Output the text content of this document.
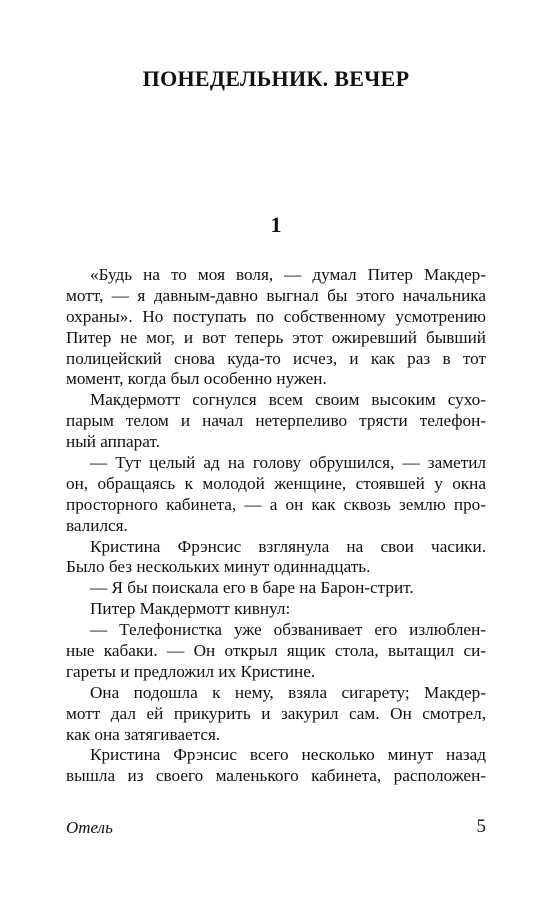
ПОНЕДЕЛЬНИК. ВЕЧЕР
1
«Будь на то моя воля, — думал Питер Макдер-
мотт, — я давным-давно выгнал бы этого начальника
охраны». Но поступать по собственному усмотрению
Питер не мог, и вот теперь этот ожиревший бывший
полицейский снова куда-то исчез, и как раз в тот
момент, когда был особенно нужен.
Макдермотт согнулся всем своим высоким сухо-
парым телом и начал нетерпеливо трясти телефон-
ный аппарат.
— Тут целый ад на голову обрушился, — заметил
он, обращаясь к молодой женщине, стоявшей у окна
просторного кабинета, — а он как сквозь землю про-
валился.
Кристина Фрэнсис взглянула на свои часики.
Было без нескольких минут одиннадцать.
— Я бы поискала его в баре на Барон-стрит.
Питер Макдермотт кивнул:
— Телефонистка уже обзванивает его излюблен-
ные кабаки. — Он открыл ящик стола, вытащил си-
гареты и предложил их Кристине.
Она подошла к нему, взяла сигарету; Макдер-
мотт дал ей прикурить и закурил сам. Он смотрел,
как она затягивается.
Кристина Фрэнсис всего несколько минут назад
вышла из своего маленького кабинета, расположен-
Отель	5
